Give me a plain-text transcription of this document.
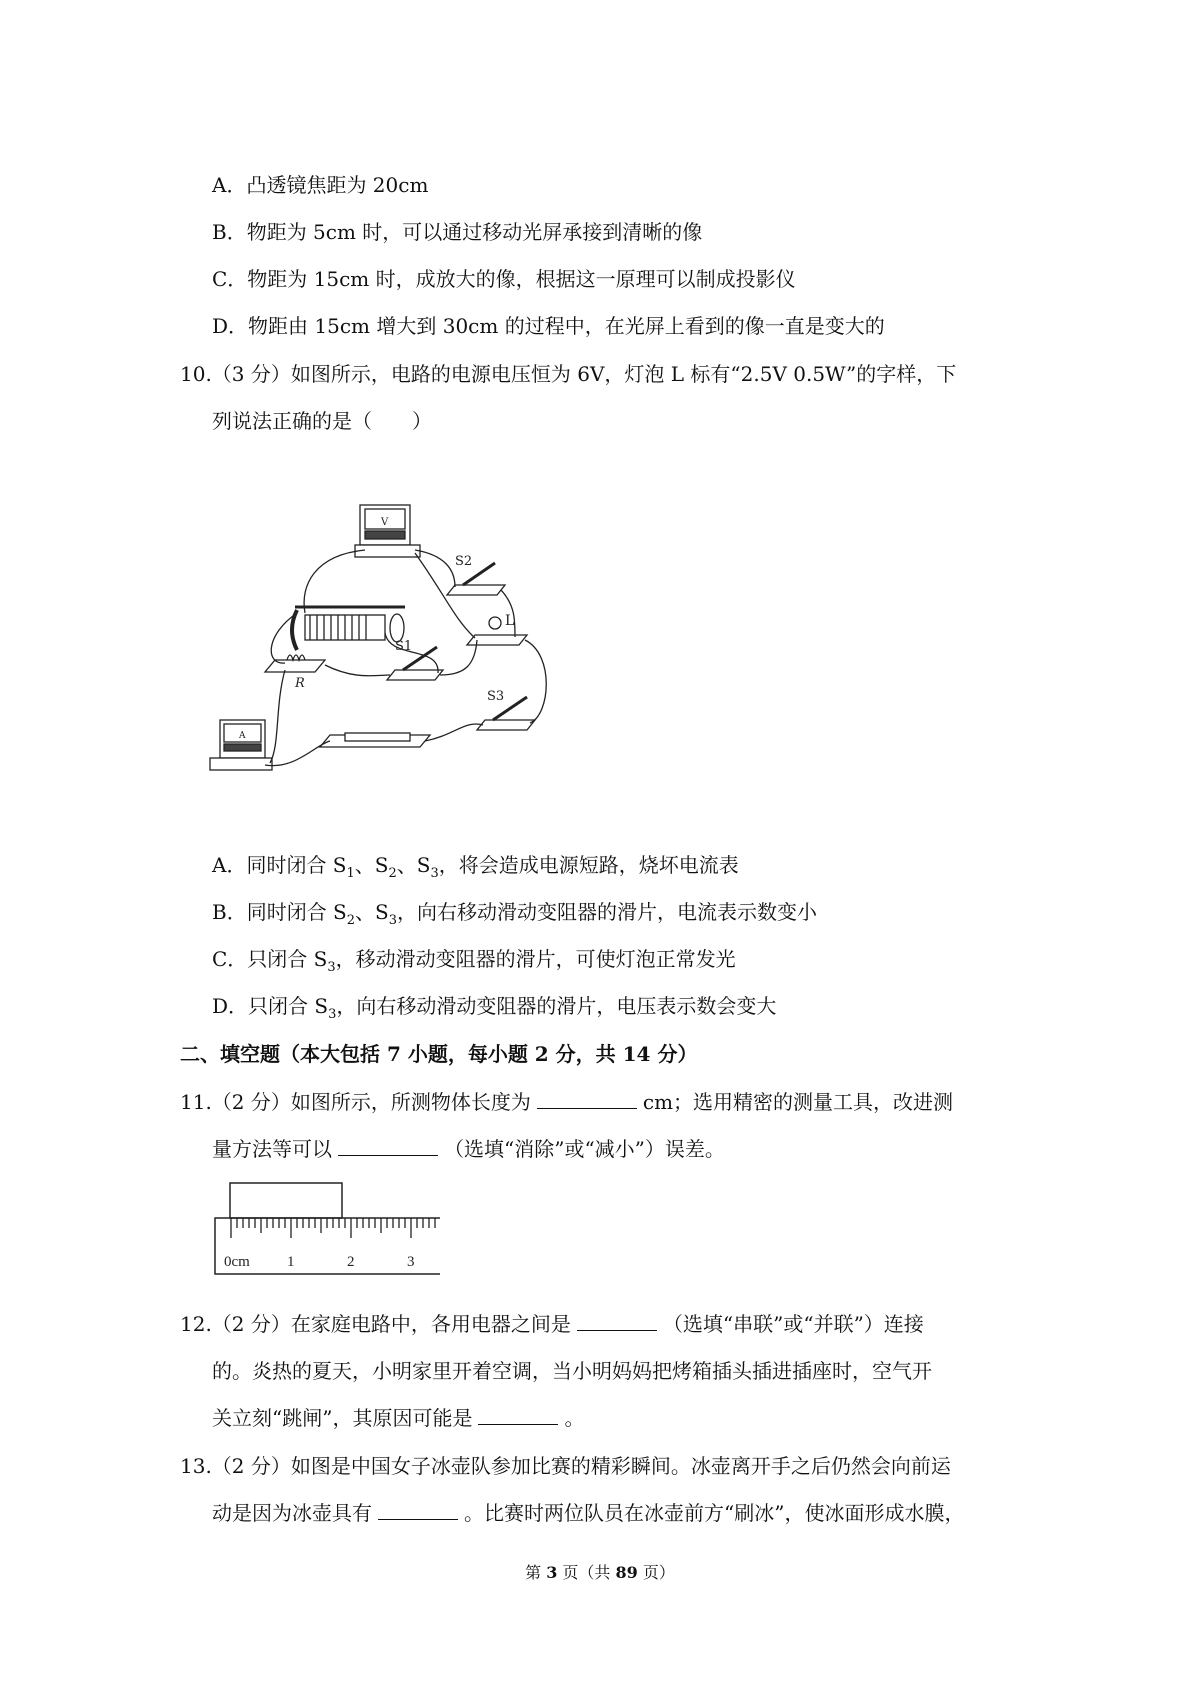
A．凸透镜焦距为 20cm
B．物距为 5cm 时，可以通过移动光屏承接到清晰的像
C．物距为 15cm 时，成放大的像，根据这一原理可以制成投影仪
D．物距由 15cm 增大到 30cm 的过程中，在光屏上看到的像一直是变大的
10.（3 分）如图所示，电路的电源电压恒为 6V，灯泡 L 标有“2.5V 0.5W”的字样，下
列说法正确的是（　　）
V
S2
L
R
S1
S3
A
A．同时闭合 $S_1$、$S_2$、$S_3$，将会造成电源短路，烧坏电流表
B．同时闭合 $S_2$、$S_3$，向右移动滑动变阻器的滑片，电流表示数变小
C．只闭合 $S_3$，移动滑动变阻器的滑片，可使灯泡正常发光
D．只闭合 $S_3$，向右移动滑动变阻器的滑片，电压表示数会变大
二、填空题（本大包括 7 小题，每小题 2 分，共 14 分）
11.（2 分）如图所示，所测物体长度为	cm；选用精密的测量工具，改进测
量方法等可以	（选填“消除”或“减小”）误差。
0cm 1	2	3
12.（2 分）在家庭电路中，各用电器之间是	（选填“串联”或“并联”）连接
的。炎热的夏天，小明家里开着空调，当小明妈妈把烤箱插头插进插座时，空气开
关立刻“跳闸”，其原因可能是	。
13.（2 分）如图是中国女子冰壶队参加比赛的精彩瞬间。冰壶离开手之后仍然会向前运
动是因为冰壶具有	。比赛时两位队员在冰壶前方“刷冰”，使冰面形成水膜，
第 3 页（共 89 页）
